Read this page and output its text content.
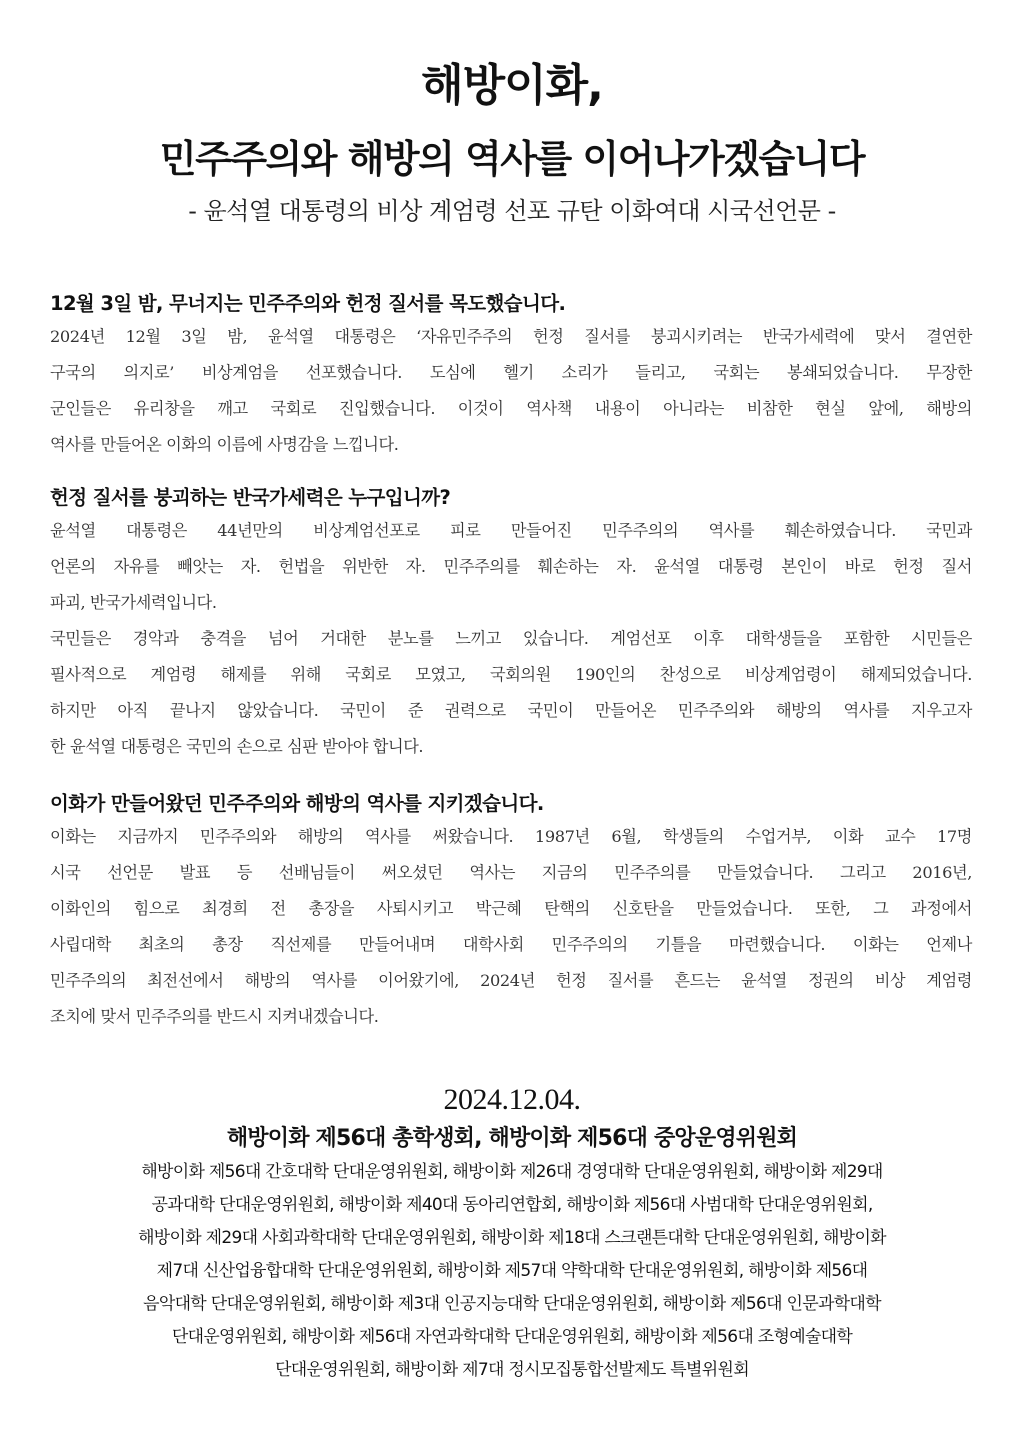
해방이화,
민주주의와 해방의 역사를 이어나가겠습니다
- 윤석열 대통령의 비상 계엄령 선포 규탄 이화여대 시국선언문 -
12월 3일 밤, 무너지는 민주주의와 헌정 질서를 목도했습니다.
2024년 12월 3일 밤, 윤석열 대통령은 ‘자유민주주의 헌정 질서를 붕괴시키려는 반국가세력에 맞서 결연한
구국의 의지로’ 비상계엄을 선포했습니다. 도심에 헬기 소리가 들리고, 국회는 봉쇄되었습니다. 무장한
군인들은 유리창을 깨고 국회로 진입했습니다. 이것이 역사책 내용이 아니라는 비참한 현실 앞에, 해방의
역사를 만들어온 이화의 이름에 사명감을 느낍니다.
헌정 질서를 붕괴하는 반국가세력은 누구입니까?
윤석열 대통령은 44년만의 비상계엄선포로 피로 만들어진 민주주의의 역사를 훼손하였습니다. 국민과
언론의 자유를 빼앗는 자. 헌법을 위반한 자. 민주주의를 훼손하는 자. 윤석열 대통령 본인이 바로 헌정 질서
파괴, 반국가세력입니다.
국민들은 경악과 충격을 넘어 거대한 분노를 느끼고 있습니다. 계엄선포 이후 대학생들을 포함한 시민들은
필사적으로 계엄령 해제를 위해 국회로 모였고, 국회의원 190인의 찬성으로 비상계엄령이 해제되었습니다.
하지만 아직 끝나지 않았습니다. 국민이 준 권력으로 국민이 만들어온 민주주의와 해방의 역사를 지우고자
한 윤석열 대통령은 국민의 손으로 심판 받아야 합니다.
이화가 만들어왔던 민주주의와 해방의 역사를 지키겠습니다.
이화는 지금까지 민주주의와 해방의 역사를 써왔습니다. 1987년 6월, 학생들의 수업거부, 이화 교수 17명
시국 선언문 발표 등 선배님들이 써오셨던 역사는 지금의 민주주의를 만들었습니다. 그리고 2016년,
이화인의 힘으로 최경희 전 총장을 사퇴시키고 박근혜 탄핵의 신호탄을 만들었습니다. 또한, 그 과정에서
사립대학 최초의 총장 직선제를 만들어내며 대학사회 민주주의의 기틀을 마련했습니다. 이화는 언제나
민주주의의 최전선에서 해방의 역사를 이어왔기에, 2024년 헌정 질서를 흔드는 윤석열 정권의 비상 계엄령
조치에 맞서 민주주의를 반드시 지켜내겠습니다.
2024.12.04.
해방이화 제56대 총학생회, 해방이화 제56대 중앙운영위원회
해방이화 제56대 간호대학 단대운영위원회, 해방이화 제26대 경영대학 단대운영위원회, 해방이화 제29대
공과대학 단대운영위원회, 해방이화 제40대 동아리연합회, 해방이화 제56대 사범대학 단대운영위원회,
해방이화 제29대 사회과학대학 단대운영위원회, 해방이화 제18대 스크랜튼대학 단대운영위원회, 해방이화
제7대 신산업융합대학 단대운영위원회, 해방이화 제57대 약학대학 단대운영위원회, 해방이화 제56대
음악대학 단대운영위원회, 해방이화 제3대 인공지능대학 단대운영위원회, 해방이화 제56대 인문과학대학
단대운영위원회, 해방이화 제56대 자연과학대학 단대운영위원회, 해방이화 제56대 조형예술대학
단대운영위원회, 해방이화 제7대 정시모집통합선발제도 특별위원회
